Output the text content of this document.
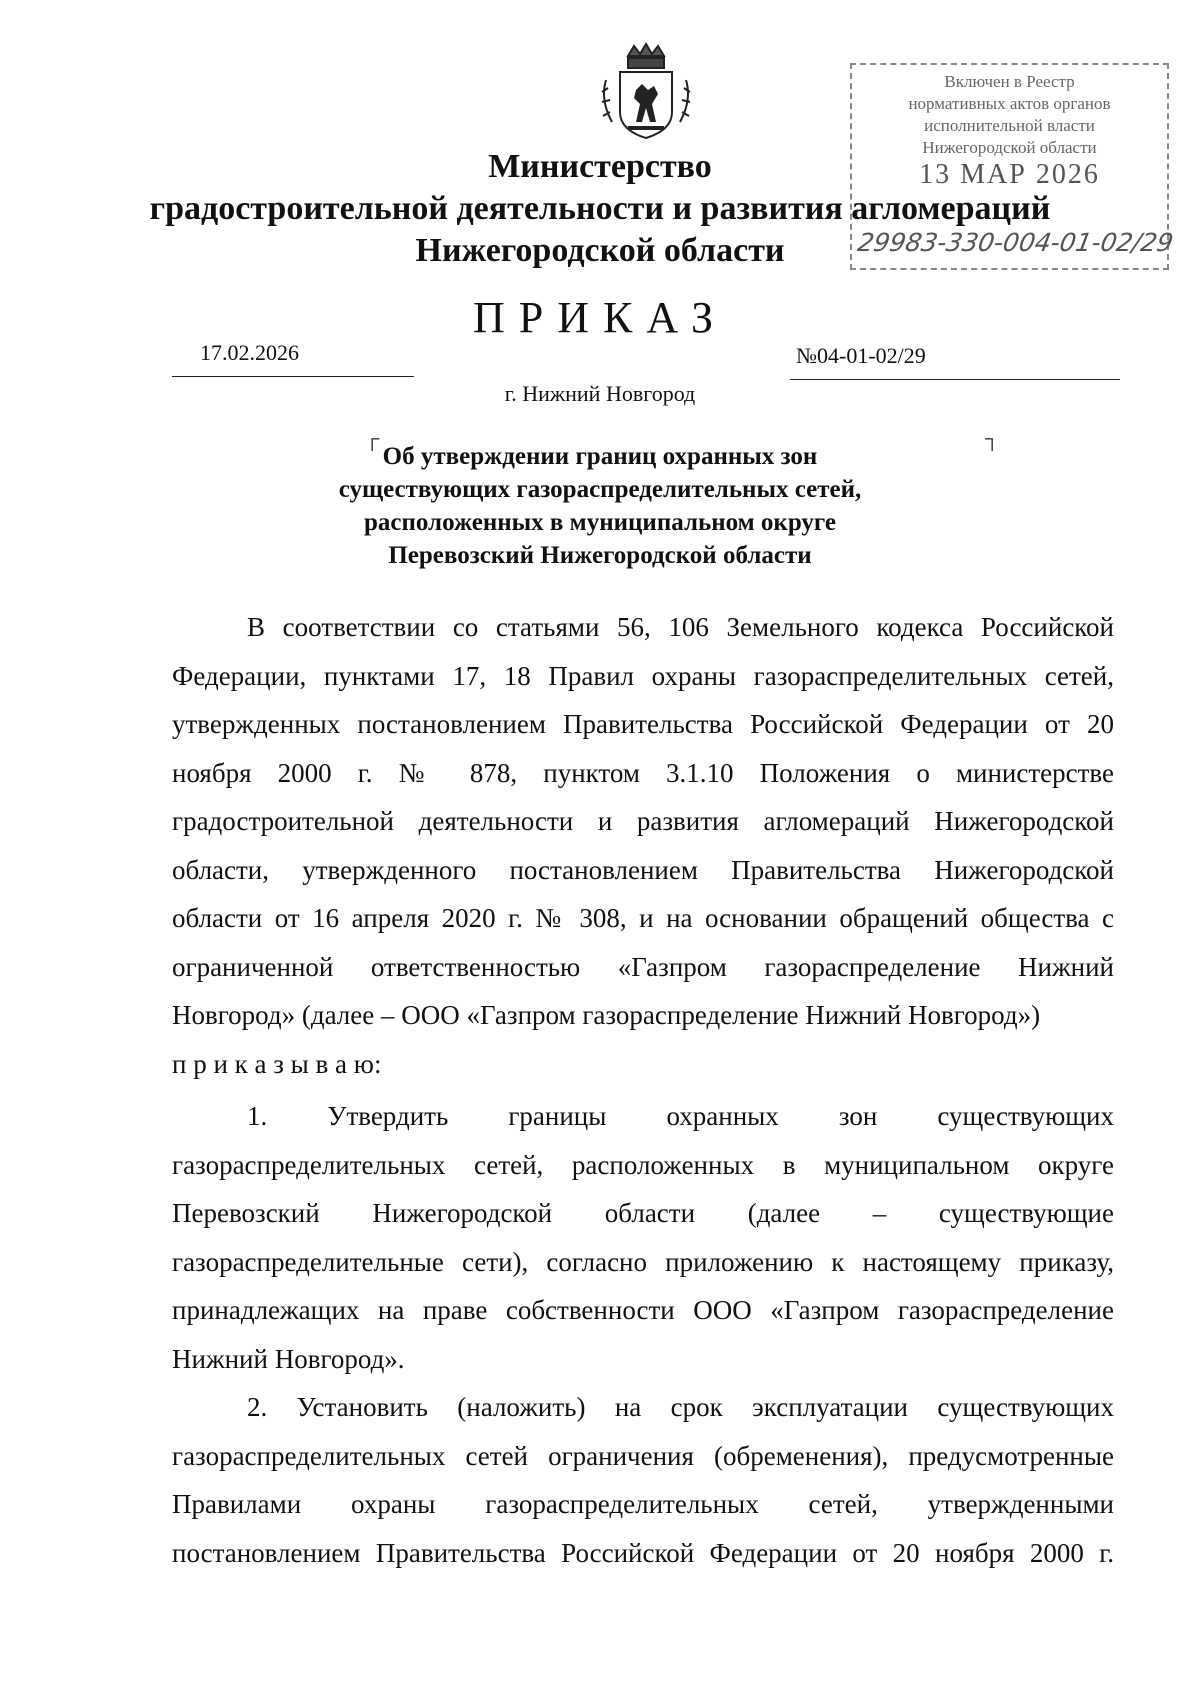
Включен в Реестр
нормативных актов органов
исполнительной власти
Нижегородской области
13 МАР 2026
29983-330-004-01-02/29
Министерство
градостроительной деятельности и развития агломераций
Нижегородской области
ПРИКАЗ
17.02.2026	№04-01-02/29
г. Нижний Новгород
┌	┐
Об утверждении границ охранных зон
существующих газораспределительных сетей,
расположенных в муниципальном округе
Перевозский Нижегородской области
В соответствии со статьями 56, 106 Земельного кодекса Российской
Федерации, пунктами 17, 18 Правил охраны газораспределительных сетей,
утвержденных постановлением Правительства Российской Федерации от 20
ноября 2000 г. № 878, пунктом 3.1.10 Положения о министерстве
градостроительной деятельности и развития агломераций Нижегородской
области, утвержденного постановлением Правительства Нижегородской
области от 16 апреля 2020 г. № 308, и на основании обращений общества с
ограниченной ответственностью «Газпром газораспределение Нижний
Новгород» (далее – ООО «Газпром газораспределение Нижний Новгород»)
п р и к а з ы в а ю:
1. Утвердить границы охранных зон существующих
газораспределительных сетей, расположенных в муниципальном округе
Перевозский Нижегородской области (далее – существующие
газораспределительные сети), согласно приложению к настоящему приказу,
принадлежащих на праве собственности ООО «Газпром газораспределение
Нижний Новгород».
2. Установить (наложить) на срок эксплуатации существующих
газораспределительных сетей ограничения (обременения), предусмотренные
Правилами охраны газораспределительных сетей, утвержденными
постановлением Правительства Российской Федерации от 20 ноября 2000 г.
